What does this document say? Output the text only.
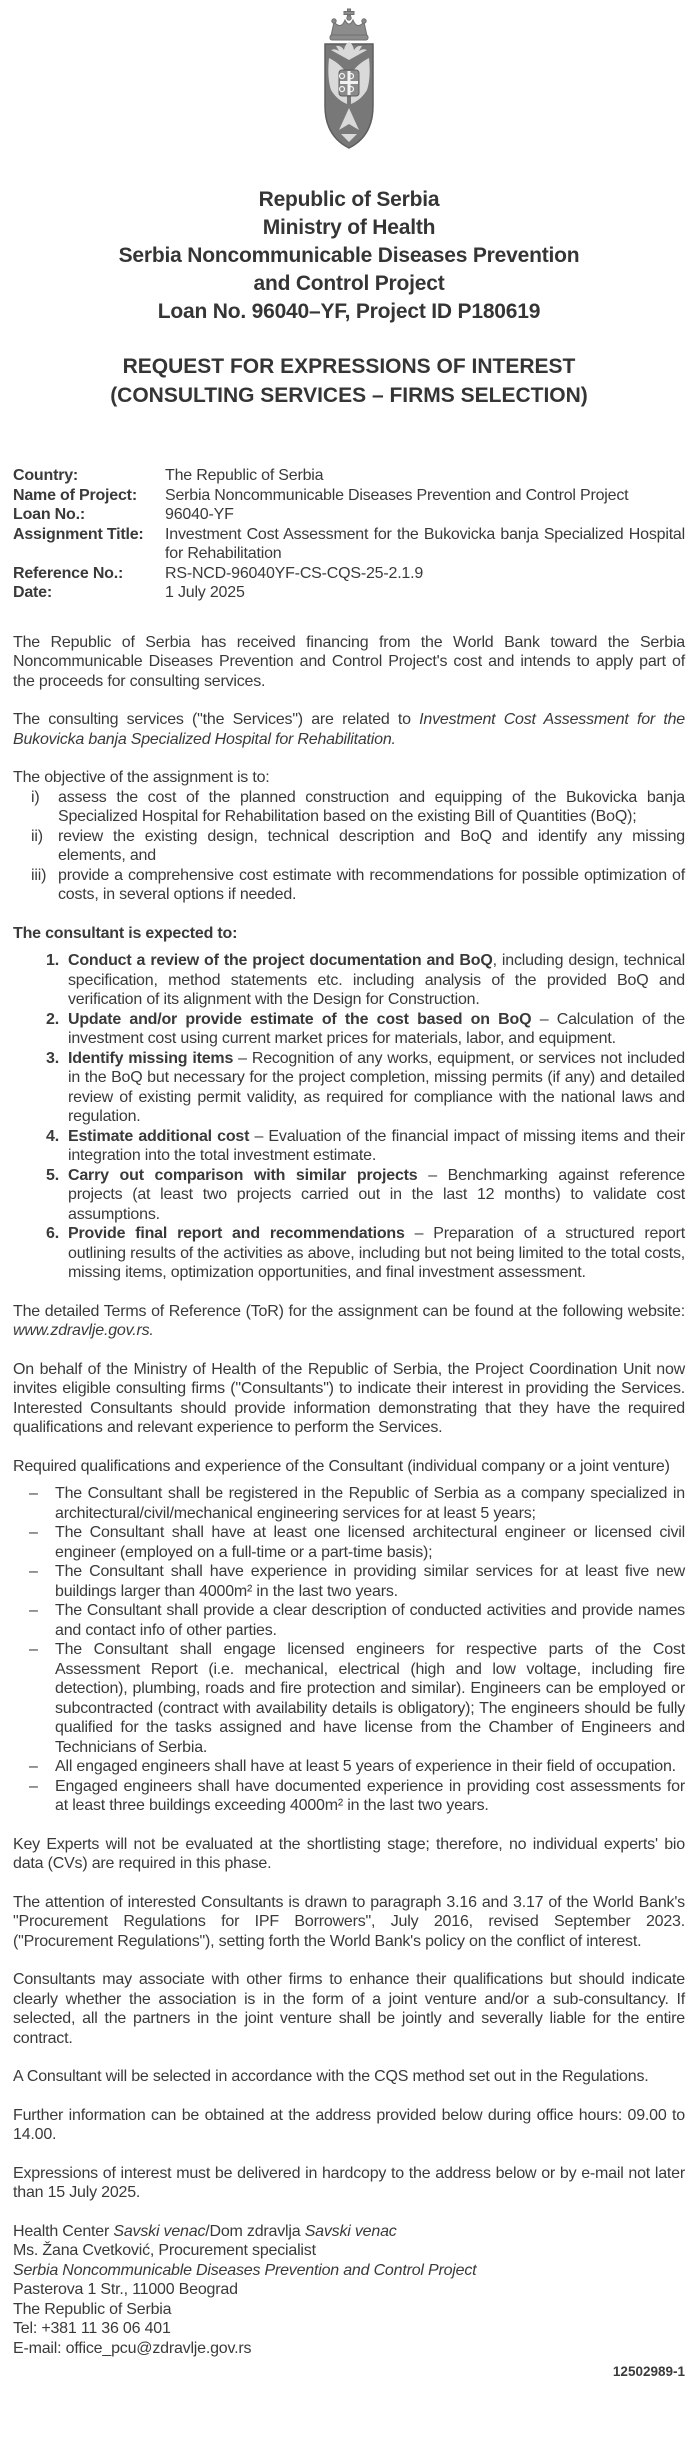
Republic of Serbia
Ministry of Health
Serbia Noncommunicable Diseases Prevention
and Control Project
Loan No. 96040–YF, Project ID P180619
REQUEST FOR EXPRESSIONS OF INTEREST
(CONSULTING SERVICES – FIRMS SELECTION)
Country:	The Republic of Serbia
Name of Project:	Serbia Noncommunicable Diseases Prevention and Control Project
Loan No.:	96040-YF
Assignment Title:	Investment Cost Assessment for the Bukovicka banja Specialized Hospital for Rehabilitation
Reference No.:	RS-NCD-96040YF-CS-CQS-25-2.1.9
Date:	1 July 2025

The Republic of Serbia has received financing from the World Bank toward the Serbia Noncommunicable Diseases Prevention and Control Project's cost and intends to apply part of the proceeds for consulting services.

The consulting services ("the Services") are related to Investment Cost Assessment for the Bukovicka banja Specialized Hospital for Rehabilitation.

The objective of the assignment is to:

i) assess the cost of the planned construction and equipping of the Bukovicka banja Specialized Hospital for Rehabilitation based on the existing Bill of Quantities (BoQ);
ii) review the existing design, technical description and BoQ and identify any missing elements, and
iii) provide a comprehensive cost estimate with recommendations for possible optimization of costs, in several options if needed.

The consultant is expected to:

1. Conduct a review of the project documentation and BoQ, including design, technical specification, method statements etc. including analysis of the provided BoQ and verification of its alignment with the Design for Construction.
2. Update and/or provide estimate of the cost based on BoQ – Calculation of the investment cost using current market prices for materials, labor, and equipment.
3. Identify missing items – Recognition of any works, equipment, or services not included in the BoQ but necessary for the project completion, missing permits (if any) and detailed review of existing permit validity, as required for compliance with the national laws and regulation.
4. Estimate additional cost – Evaluation of the financial impact of missing items and their integration into the total investment estimate.
5. Carry out comparison with similar projects – Benchmarking against reference projects (at least two projects carried out in the last 12 months) to validate cost assumptions.
6. Provide final report and recommendations – Preparation of a structured report outlining results of the activities as above, including but not being limited to the total costs, missing items, optimization opportunities, and final investment assessment.

The detailed Terms of Reference (ToR) for the assignment can be found at the following website: www.zdravlje.gov.rs.

On behalf of the Ministry of Health of the Republic of Serbia, the Project Coordination Unit now invites eligible consulting firms ("Consultants") to indicate their interest in providing the Services. Interested Consultants should provide information demonstrating that they have the required qualifications and relevant experience to perform the Services.

Required qualifications and experience of the Consultant (individual company or a joint venture)

– The Consultant shall be registered in the Republic of Serbia as a company specialized in architectural/civil/mechanical engineering services for at least 5 years;
– The Consultant shall have at least one licensed architectural engineer or licensed civil engineer (employed on a full-time or a part-time basis);
– The Consultant shall have experience in providing similar services for at least five new buildings larger than 4000m² in the last two years.
– The Consultant shall provide a clear description of conducted activities and provide names and contact info of other parties.
– The Consultant shall engage licensed engineers for respective parts of the Cost Assessment Report (i.e. mechanical, electrical (high and low voltage, including fire detection), plumbing, roads and fire protection and similar). Engineers can be employed or subcontracted (contract with availability details is obligatory); The engineers should be fully qualified for the tasks assigned and have license from the Chamber of Engineers and Technicians of Serbia.
– All engaged engineers shall have at least 5 years of experience in their field of occupation.
– Engaged engineers shall have documented experience in providing cost assessments for at least three buildings exceeding 4000m² in the last two years.

Key Experts will not be evaluated at the shortlisting stage; therefore, no individual experts' bio data (CVs) are required in this phase.

The attention of interested Consultants is drawn to paragraph 3.16 and 3.17 of the World Bank's "Procurement Regulations for IPF Borrowers", July 2016, revised September 2023. ("Procurement Regulations"), setting forth the World Bank's policy on the conflict of interest.

Consultants may associate with other firms to enhance their qualifications but should indicate clearly whether the association is in the form of a joint venture and/or a sub-consultancy. If selected, all the partners in the joint venture shall be jointly and severally liable for the entire contract.

A Consultant will be selected in accordance with the CQS method set out in the Regulations.

Further information can be obtained at the address provided below during office hours: 09.00 to 14.00.

Expressions of interest must be delivered in hardcopy to the address below or by e-mail not later than 15 July 2025.

Health Center Savski venac/Dom zdravlja Savski venac
Ms. Žana Cvetković, Procurement specialist
Serbia Noncommunicable Diseases Prevention and Control Project
Pasterova 1 Str., 11000 Beograd
The Republic of Serbia
Tel: +381 11 36 06 401
E-mail: office_pcu@zdravlje.gov.rs
12502989-1
